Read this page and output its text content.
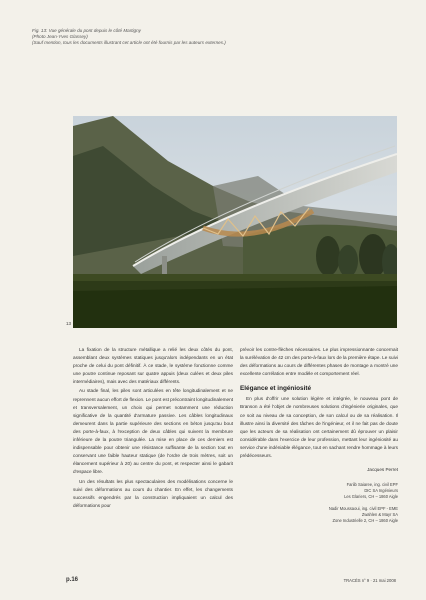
Fig. 13: Vue générale du pont depuis le côté Martigny

(Photo Jean-Yves Glassey)

(Sauf mention, tous les documents illustrant cet article ont été fournis par les auteurs externes.)

13

La fixation de la structure métallique a relié les deux côtés du pont, assemblant deux systèmes statiques jusqu'alors indépendants en un état proche de celui du pont définitif. À ce stade, le système fonctionne comme une poutre continue reposant sur quatre appuis (deux culées et deux piles intermédiaires), mais avec des matériaux différents.

Au stade final, les piles sont articulées en tête longitudinalement et ne reprennent aucun effort de flexion. Le pont est précontraint longitudinalement et transversalement, un choix qui permet notamment une réduction significative de la quantité d'armature passive. Les câbles longitudinaux demeurent dans la partie supérieure des sections en béton jusqu'au bout des porte-à-faux, à l'exception de deux câbles qui suivent la membrure inférieure de la poutre triangulée. La mise en place de ces derniers est indispensable pour obtenir une résistance suffisante de la section tout en conservant une faible hauteur statique (de l'ordre de trois mètres, soit un élancement supérieur à 20) au centre du pont, et respecter ainsi le gabarit d'espace libre.

Un des résultats les plus spectaculaires des modélisations concerne le suivi des déformations au cours du chantier. En effet, les changements successifs engendrés par la construction impliquaient un calcul des déformations pour

prévoir les contre-flèches nécessaires. Le plus impressionnante concernait la surélévation de 42 cm des porte-à-faux lors de la première étape. Le suivi des déformations au cours de différentes phases de montage a montré une excellente corrélation entre modèle et comportement réel.

Elégance et ingéniosité

En plus d'offrir une solution légère et intégrée, le nouveau pont de Branson a été l'objet de nombreuses solutions d'ingénierie originales, que ce soit au niveau de sa conception, de son calcul ou de sa réalisation. Il illustre ainsi la diversité des tâches de l'ingénieur, et il ne fait pas de doute que les acteurs de sa réalisation ont certainement dû éprouver un plaisir considérable dans l'exercice de leur profession, mettant leur ingéniosité au service d'une indéniable élégance, tout en sachant rendre hommage à leurs prédécesseurs.

Jacques Perret
Fariib Saiaree, ing. civil EPF
DIC SA Ingénieurs
Les Glariers, CH – 1860 Aigle
Nadir Moussaoui, ing. civil EPF - EME
Zwahlen & Mayr SA
Zone Industrielle 2, CH – 1860 Aigle
p.16	TRACÉS n° 9 · 21 mai 2008
